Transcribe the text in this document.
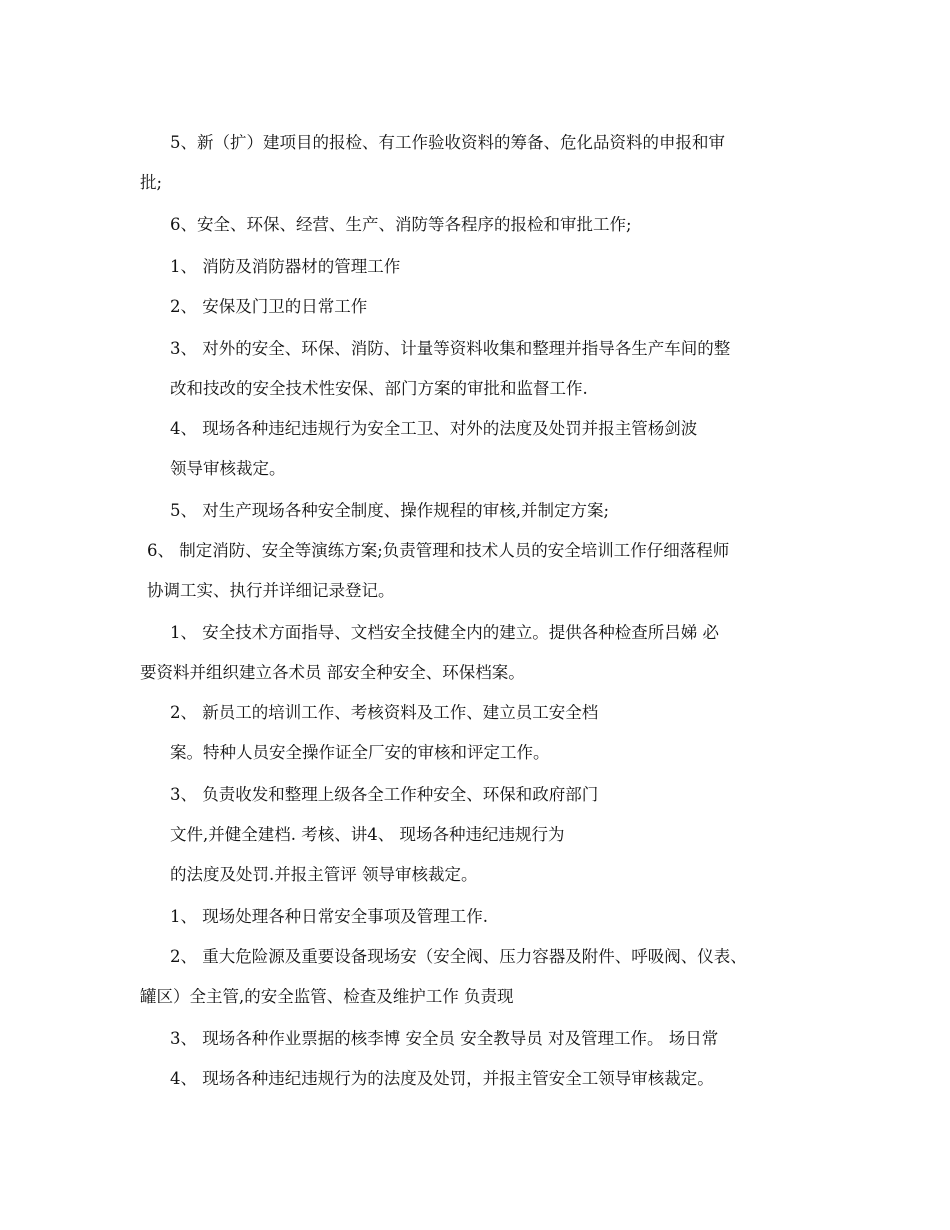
5、新（扩）建项目的报检、有工作验收资料的筹备、危化品资料的申报和审
批;
6、安全、环保、经营、生产、消防等各程序的报检和审批工作;
1、 消防及消防器材的管理工作
2、 安保及门卫的日常工作
3、 对外的安全、环保、消防、计量等资料收集和整理并指导各生产车间的整
改和技改的安全技术性安保、部门方案的审批和监督工作.
4、 现场各种违纪违规行为安全工卫、对外的法度及处罚并报主管杨剑波
领导审核裁定。
5、 对生产现场各种安全制度、操作规程的审核,并制定方案;
6、 制定消防、安全等演练方案;负责管理和技术人员的安全培训工作仔细落程师
协调工实、执行并详细记录登记。
1、 安全技术方面指导、文档安全技健全内的建立。提供各种检查所吕娣 必
要资料并组织建立各术员 部安全种安全、环保档案。
2、 新员工的培训工作、考核资料及工作、建立员工安全档
案。特种人员安全操作证全厂安的审核和评定工作。
3、 负责收发和整理上级各全工作种安全、环保和政府部门
文件,并健全建档. 考核、讲4、 现场各种违纪违规行为
的法度及处罚.并报主管评 领导审核裁定。
1、 现场处理各种日常安全事项及管理工作.
2、 重大危险源及重要设备现场安（安全阀、压力容器及附件、呼吸阀、仪表、
罐区）全主管,的安全监管、检查及维护工作 负责现
3、 现场各种作业票据的核李博 安全员 安全教导员 对及管理工作。 场日常
4、 现场各种违纪违规行为的法度及处罚，并报主管安全工领导审核裁定。
